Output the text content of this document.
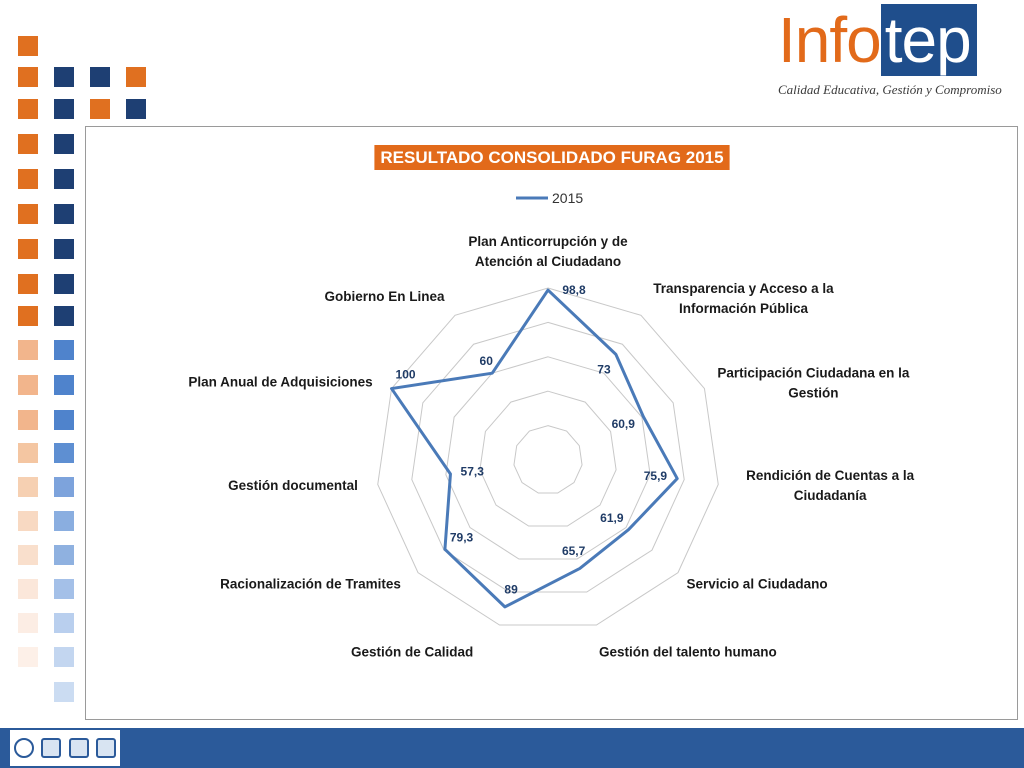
Infotep
Calidad Educativa, Gestión y Compromiso
RESULTADO CONSOLIDADO FURAG 2015
2015
98,8
73
60,9
75,9
61,9
65,7
89
79,3
57,3
100
60
Plan Anticorrupción y de Atención al Ciudadano
Transparencia y Acceso a la Información Pública
Participación Ciudadana en la Gestión
Rendición de Cuentas a la Ciudadanía
Servicio al Ciudadano
Gestión del talento humano
Gestión de Calidad
Racionalización de Tramites
Gestión documental
Plan Anual de Adquisiciones
Gobierno En Linea
